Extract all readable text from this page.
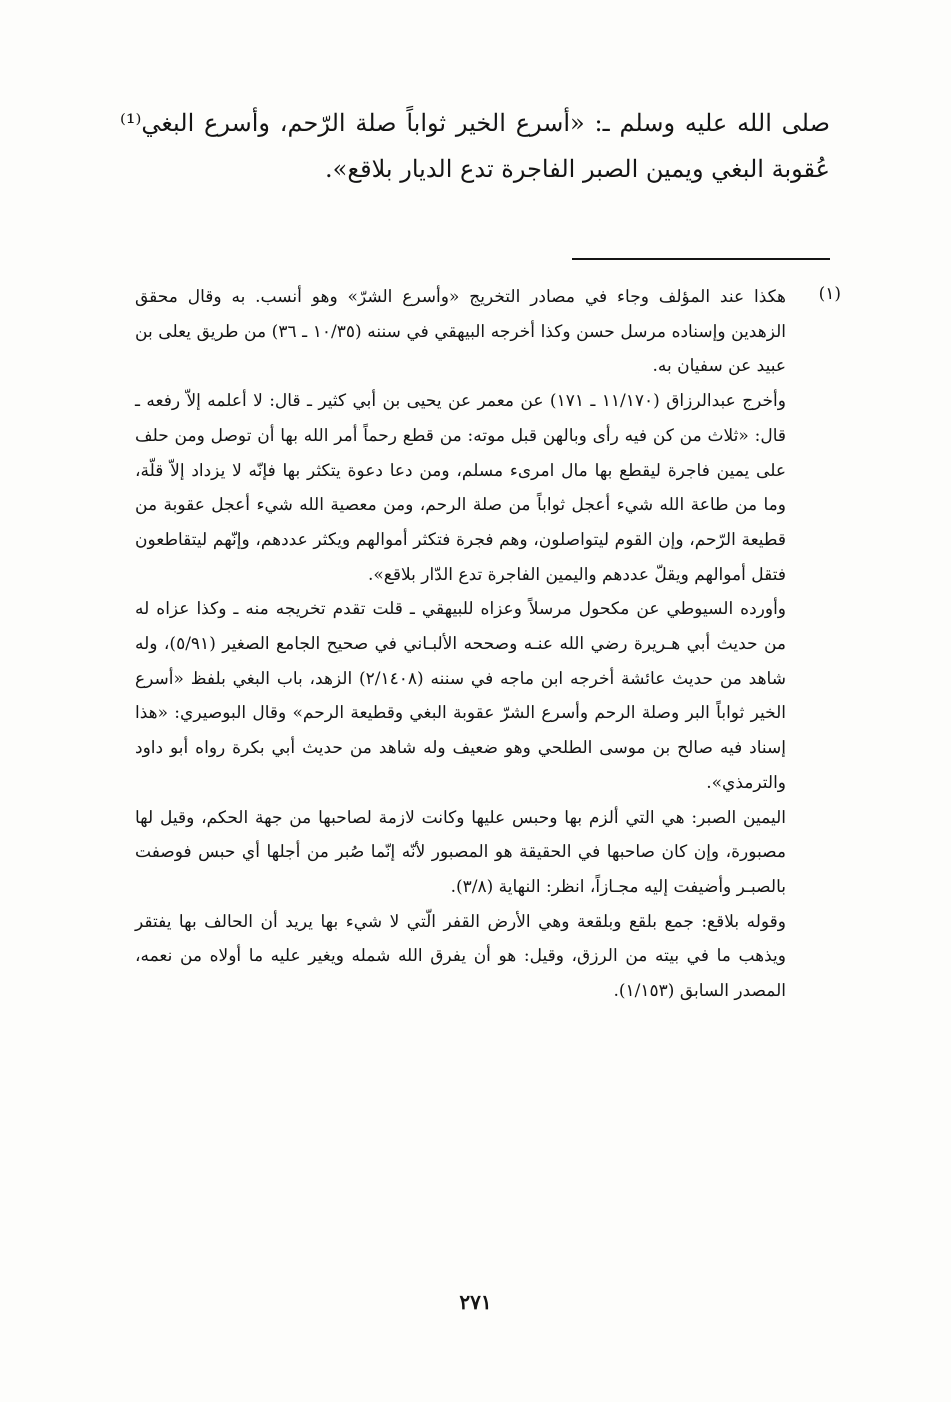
صلى الله عليه وسلم ـ: «أسرع الخير ثواباً صلة الرّحم، وأسرع البغي⁽¹⁾ عُقوبة البغي ويمين الصبر الفاجرة تدع الديار بلاقع».

(١)

هكذا عند المؤلف وجاء في مصادر التخريج «وأسرع الشرّ» وهو أنسب. به وقال محقق الزهدين وإسناده مرسل حسن وكذا أخرجه البيهقي في سننه (١٠/٣٥ ـ ٣٦) من طريق يعلى بن عبيد عن سفيان به.

وأخرج عبدالرزاق (١١/١٧٠ ـ ١٧١) عن معمر عن يحيى بن أبي كثير ـ قال: لا أعلمه إلاّ رفعه ـ قال: «ثلاث من كن فيه رأى وبالهن قبل موته: من قطع رحماً أمر الله بها أن توصل ومن حلف على يمين فاجرة ليقطع بها مال امرىء مسلم، ومن دعا دعوة يتكثر بها فإنّه لا يزداد إلاّ قلّة، وما من طاعة الله شيء أعجل ثواباً من صلة الرحم، ومن معصية الله شيء أعجل عقوبة من قطيعة الرّحم، وإن القوم ليتواصلون، وهم فجرة فتكثر أموالهم ويكثر عددهم، وإنّهم ليتقاطعون فتقل أموالهم ويقلّ عددهم واليمين الفاجرة تدع الدّار بلاقع».

وأورده السيوطي عن مكحول مرسلاً وعزاه للبيهقي ـ قلت تقدم تخريجه منه ـ وكذا عزاه له من حديث أبي هـريرة رضي الله عنـه وصححه الألبـاني في صحيح الجامع الصغير (٥/٩١)، وله شاهد من حديث عائشة أخرجه ابن ماجه في سننه (٢/١٤٠٨) الزهد، باب البغي بلفظ «أسرع الخير ثواباً البر وصلة الرحم وأسرع الشرّ عقوبة البغي وقطيعة الرحم» وقال البوصيري: «هذا إسناد فيه صالح بن موسى الطلحي وهو ضعيف وله شاهد من حديث أبي بكرة رواه أبو داود والترمذي».

اليمين الصبر: هي التي ألزم بها وحبس عليها وكانت لازمة لصاحبها من جهة الحكم، وقيل لها مصبورة، وإن كان صاحبها في الحقيقة هو المصبور لأنّه إنّما صُبر من أجلها أي حبس فوصفت بالصبـر وأضيفت إليه مجـازاً، انظر: النهاية (٣/٨).

وقوله بلاقع: جمع بلقع وبلقعة وهي الأرض القفر الّتي لا شيء بها يريد أن الحالف بها يفتقر ويذهب ما في بيته من الرزق، وقيل: هو أن يفرق الله شمله ويغير عليه ما أولاه من نعمه، المصدر السابق (١/١٥٣).

٢٧١
